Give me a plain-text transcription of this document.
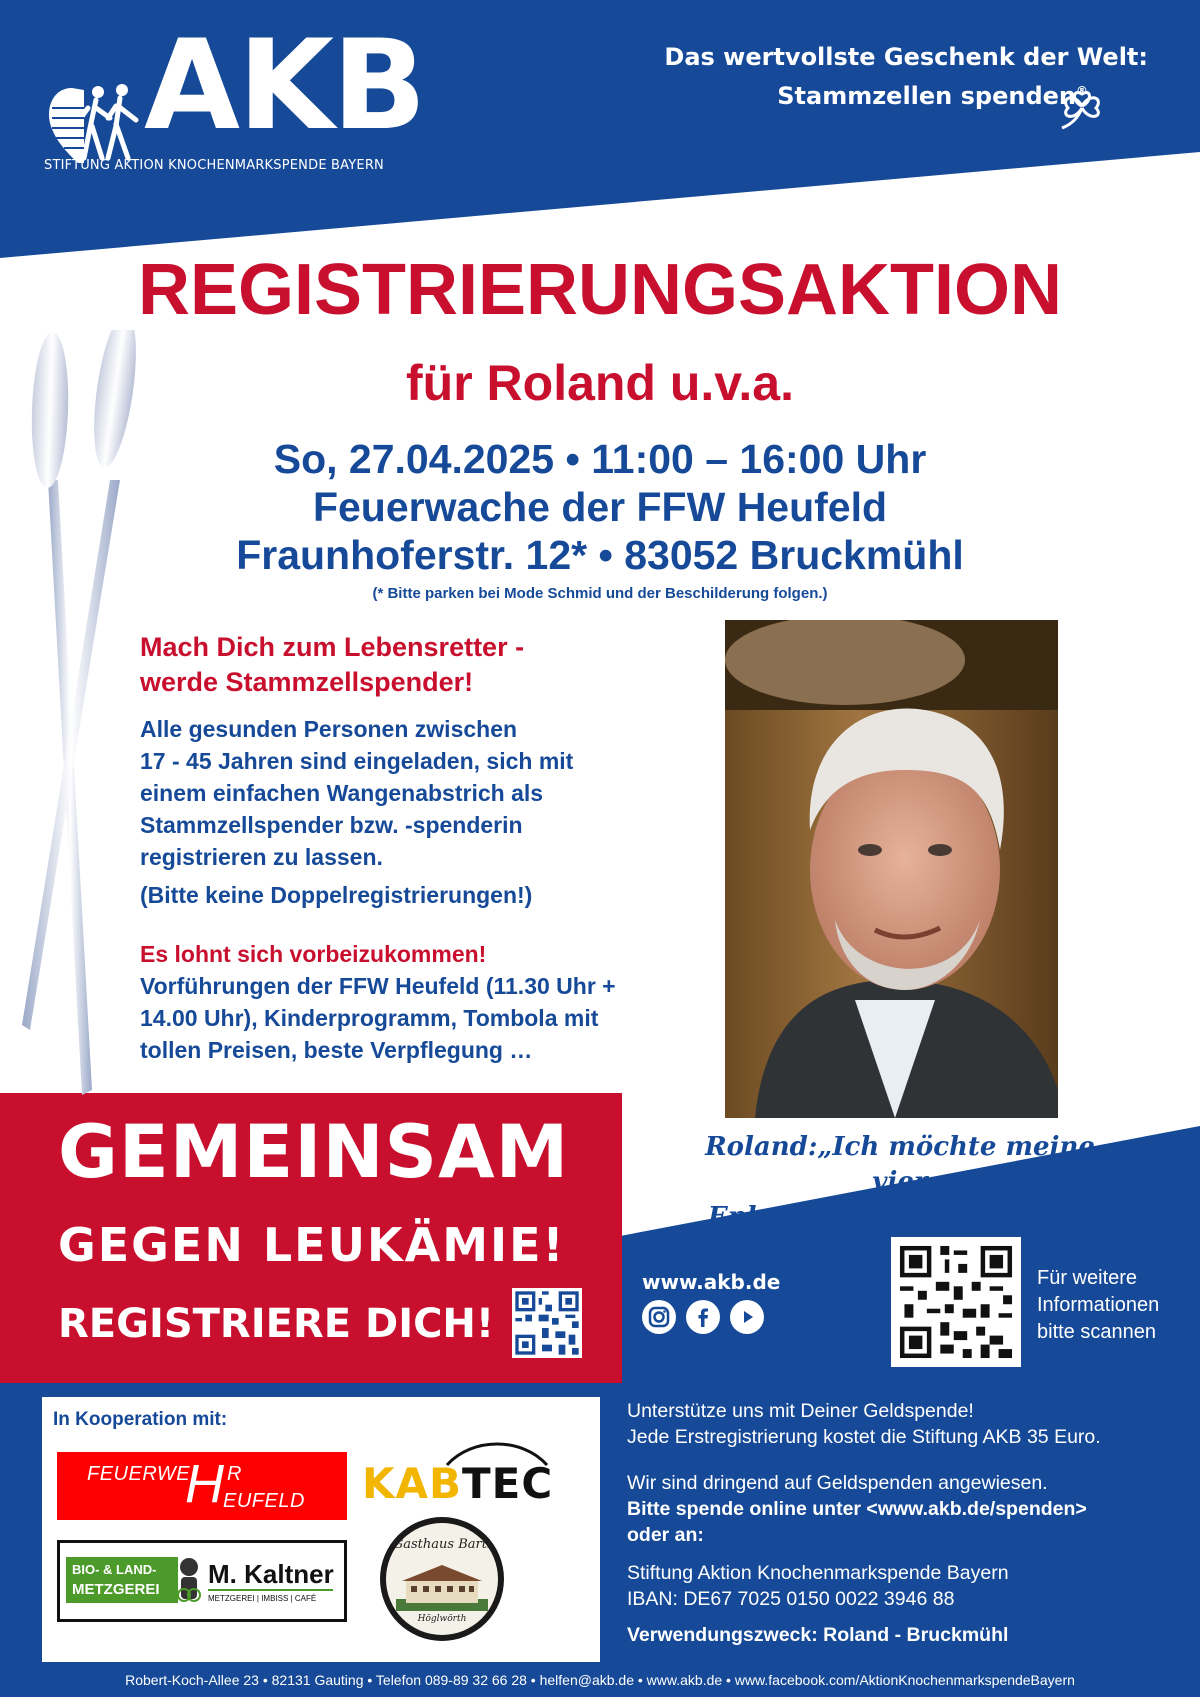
AKB
STIFTUNG AKTION KNOCHENMARKSPENDE BAYERN
Das wertvollste Geschenk der Welt:
Stammzellen spenden®
REGISTRIERUNGSAKTION
für Roland u.v.a.
So, 27.04.2025 • 11:00 – 16:00 Uhr
Feuerwache der FFW Heufeld
Fraunhoferstr. 12* • 83052 Bruckmühl
(* Bitte parken bei Mode Schmid und der Beschilderung folgen.)
Mach Dich zum Lebensretter -
werde Stammzellspender!
Alle gesunden Personen zwischen
17 - 45 Jahren sind eingeladen, sich mit
einem einfachen Wangenabstrich als
Stammzellspender bzw. -spenderin
registrieren zu lassen.
(Bitte keine Doppelregistrierungen!)
Es lohnt sich vorbeizukommen!
Vorführungen der FFW Heufeld (11.30 Uhr +
14.00 Uhr), Kinderprogramm, Tombola mit
tollen Preisen, beste Verpflegung …
Roland:„Ich möchte meine vier
Enkel aufwachsen sehen!“
GEMEINSAM
GEGEN LEUKÄMIE!
REGISTRIERE DICH!
www.akb.de	Für weitere
Informationen
bitte scannen
In Kooperation mit:
FEUERWE
H R
EUFELD KAB TEC
BIO- & LAND-
METZGEREI
M. Kaltner
METZGEREI | IMBISS | CAFÉ
Gasthaus Bartl
Höglwörth
Unterstütze uns mit Deiner Geldspende!
Jede Erstregistrierung kostet die Stiftung AKB 35 Euro.
Wir sind dringend auf Geldspenden angewiesen.
Bitte spende online unter <www.akb.de/spenden>
oder an:
Stiftung Aktion Knochenmarkspende Bayern
IBAN: DE67 7025 0150 0022 3946 88
Verwendungszweck: Roland - Bruckmühl
Robert-Koch-Allee 23 • 82131 Gauting • Telefon 089-89 32 66 28 • helfen@akb.de • www.akb.de • www.facebook.com/AktionKnochenmarkspendeBayern
